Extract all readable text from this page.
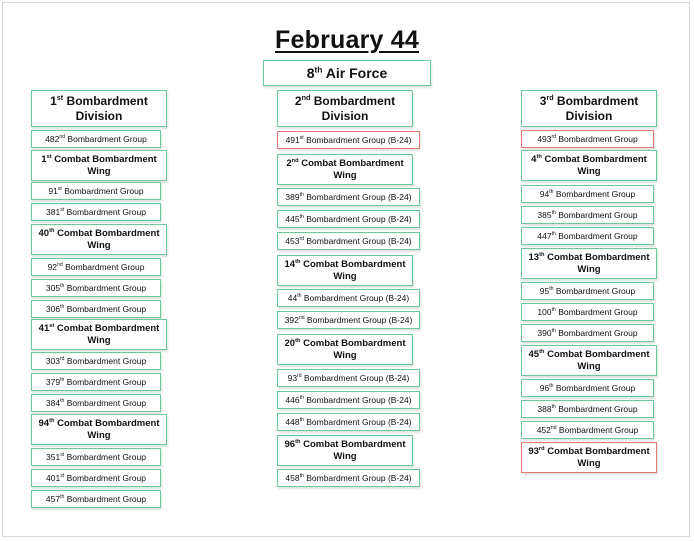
February 44
8th Air Force
1st Bombardment Division
482nd Bombardment Group
1st Combat Bombardment Wing
91st Bombardment Group
381st Bombardment Group
40th Combat Bombardment Wing
92nd Bombardment Group
305th Bombardment Group
306th Bombardment Group
41st Combat Bombardment Wing
303rd Bombardment Group
379th Bombardment Group
384th Bombardment Group
94th Combat Bombardment Wing
351st Bombardment Group
401st Bombardment Group
457th Bombardment Group
2nd Bombardment Division
491st Bombardment Group (B-24)
2nd Combat Bombardment Wing
389th Bombardment Group (B-24)
445th Bombardment Group (B-24)
453rd Bombardment Group (B-24)
14th Combat Bombardment Wing
44th Bombardment Group (B-24)
392nd Bombardment Group (B-24)
20th Combat Bombardment Wing
93rd Bombardment Group (B-24)
446th Bombardment Group (B-24)
448th Bombardment Group (B-24)
96th Combat Bombardment Wing
458th Bombardment Group (B-24)
3rd Bombardment Division
493rd Bombardment Group
4th Combat Bombardment Wing
94th Bombardment Group
385th Bombardment Group
447th Bombardment Group
13th Combat Bombardment Wing
95th Bombardment Group
100th Bombardment Group
390th Bombardment Group
45th Combat Bombardment Wing
96th Bombardment Group
388th Bombardment Group
452nd Bombardment Group
93rd Combat Bombardment Wing
